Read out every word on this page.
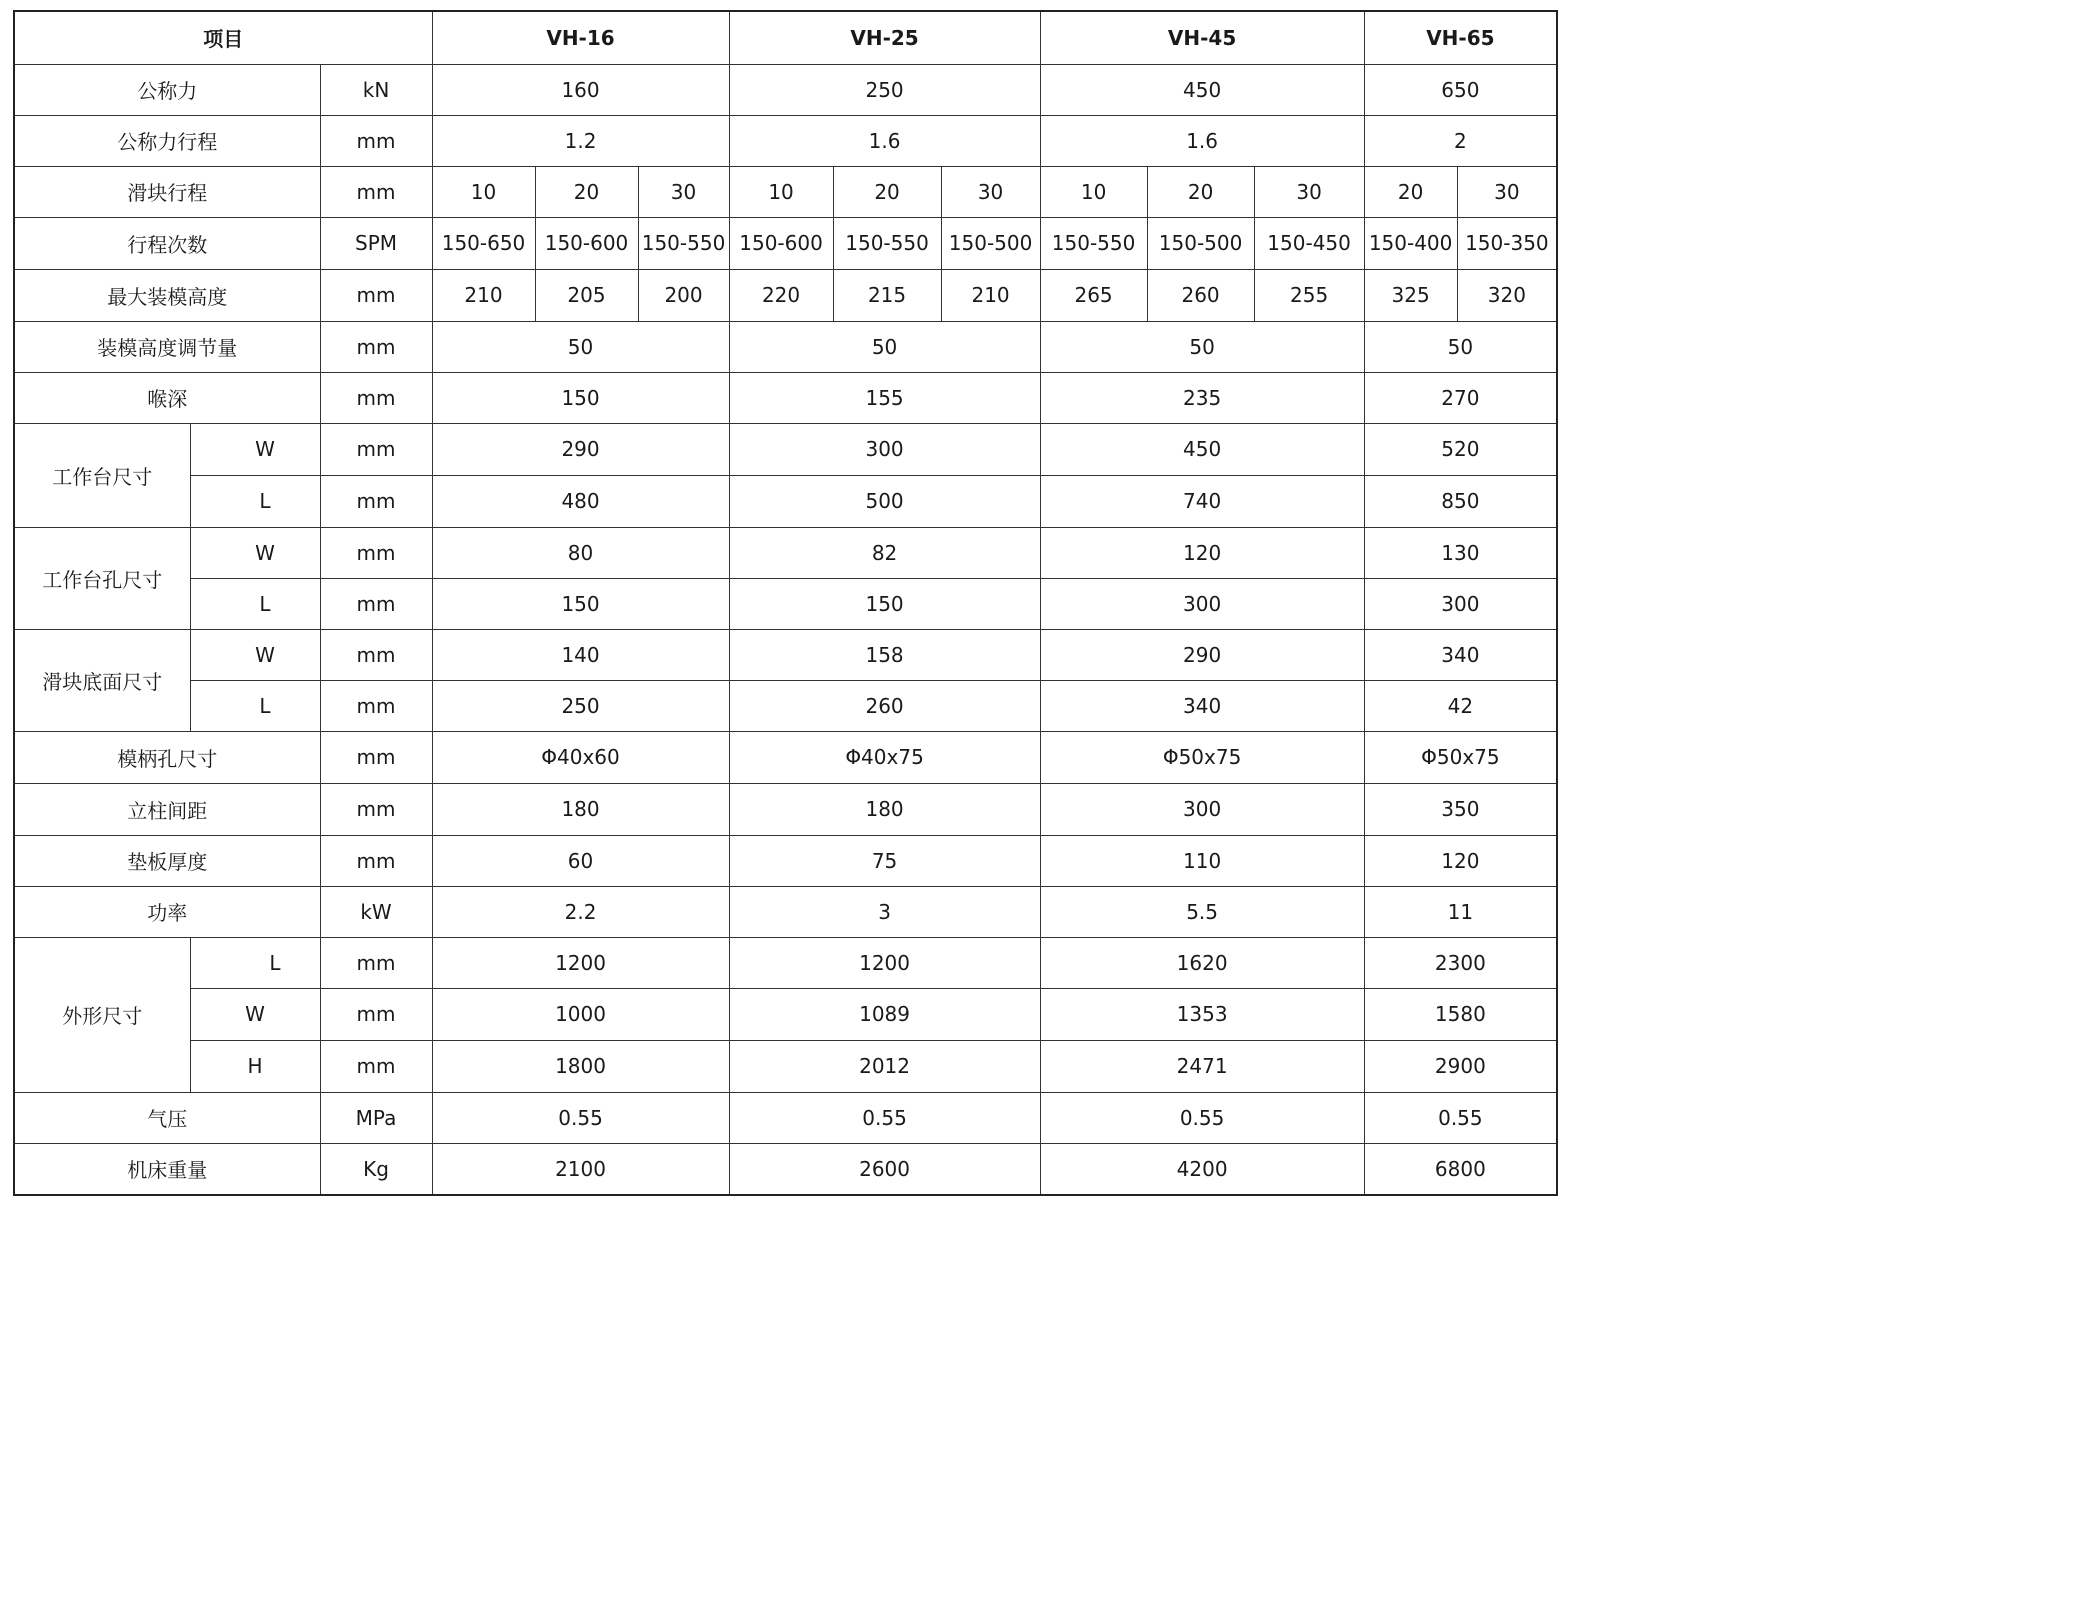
项目			VH-16			VH-25			VH-45			VH-65	
公称力		kN	160			250			450			650	
公称力行程		mm	1.2			1.6			1.6			2	
滑块行程		mm	10	20	30	10	20	30	10	20	30	20	30
行程次数		SPM	150-650	150-600	150-550	150-600	150-550	150-500	150-550	150-500	150-450	150-400	150-350
最大装模高度		mm	210	205	200	220	215	210	265	260	255	325	320
装模高度调节量		mm	50			50			50			50	
喉深		mm	150			155			235			270	
工作台尺寸	W	mm	290			300			450			520	
	L	mm	480			500			740			850	
工作台孔尺寸	W	mm	80			82			120			130	
	L	mm	150			150			300			300	
滑块底面尺寸	W	mm	140			158			290			340	
	L	mm	250			260			340			42	
模柄孔尺寸		mm	Φ40x60			Φ40x75			Φ50x75			Φ50x75	
立柱间距		mm	180			180			300			350	
垫板厚度		mm	60			75			110			120	
功率		kW	2.2			3			5.5			11	
外形尺寸	L	mm	1200			1200			1620			2300	
	W	mm	1000			1089			1353			1580	
	H	mm	1800			2012			2471			2900	
气压		MPa	0.55			0.55			0.55			0.55	
机床重量		Kg	2100			2600			4200			6800	
